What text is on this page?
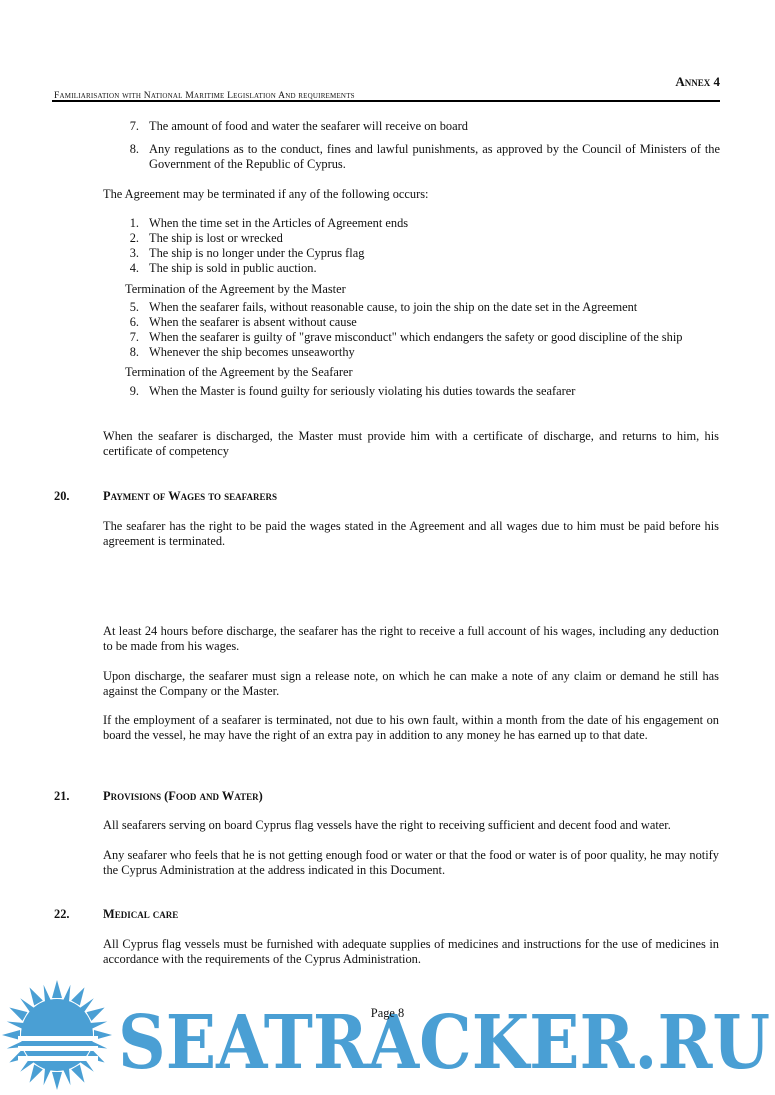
Annex 4
Familiarisation with National Maritime Legislation And requirements
7. The amount of food and water the seafarer will receive on board
8. Any regulations as to the conduct, fines and lawful punishments, as approved by the Council of Ministers of the Government of the Republic of Cyprus.
The Agreement may be terminated if any of the following occurs:
1. When the time set in the Articles of Agreement ends
2. The ship is lost or wrecked
3. The ship is no longer under the Cyprus flag
4. The ship is sold in public auction.
Termination of the Agreement by the Master
5. When the seafarer fails, without reasonable cause, to join the ship on the date set in the Agreement
6. When the seafarer is absent without cause
7. When the seafarer is guilty of "grave misconduct" which endangers the safety or good discipline of the ship
8. Whenever the ship becomes unseaworthy
Termination of the Agreement by the Seafarer
9. When the Master is found guilty for seriously violating his duties towards the seafarer
When the seafarer is discharged, the Master must provide him with a certificate of discharge, and returns to him, his certificate of competency
20.	Payment of Wages to seafarers
The seafarer has the right to be paid the wages stated in the Agreement and all wages due to him must be paid before his agreement is terminated.
At least 24 hours before discharge, the seafarer has the right to receive a full account of his wages, including any deduction to be made from his wages.
Upon discharge, the seafarer must sign a release note, on which he can make a note of any claim or demand he still has against the Company or the Master.
If the employment of a seafarer is terminated, not due to his own fault, within a month from the date of his engagement on board the vessel, he may have the right of an extra pay in addition to any money he has earned up to that date.
21.	Provisions (Food and Water)
All seafarers serving on board Cyprus flag vessels have the right to receiving sufficient and decent food and water.
Any seafarer who feels that he is not getting enough food or water or that the food or water is of poor quality, he may notify the Cyprus Administration at the address indicated in this Document.
22.	Medical care
All Cyprus flag vessels must be furnished with adequate supplies of medicines and instructions for the use of medicines in accordance with the requirements of the Cyprus Administration.
SEATRACKER.RU
Page 8
